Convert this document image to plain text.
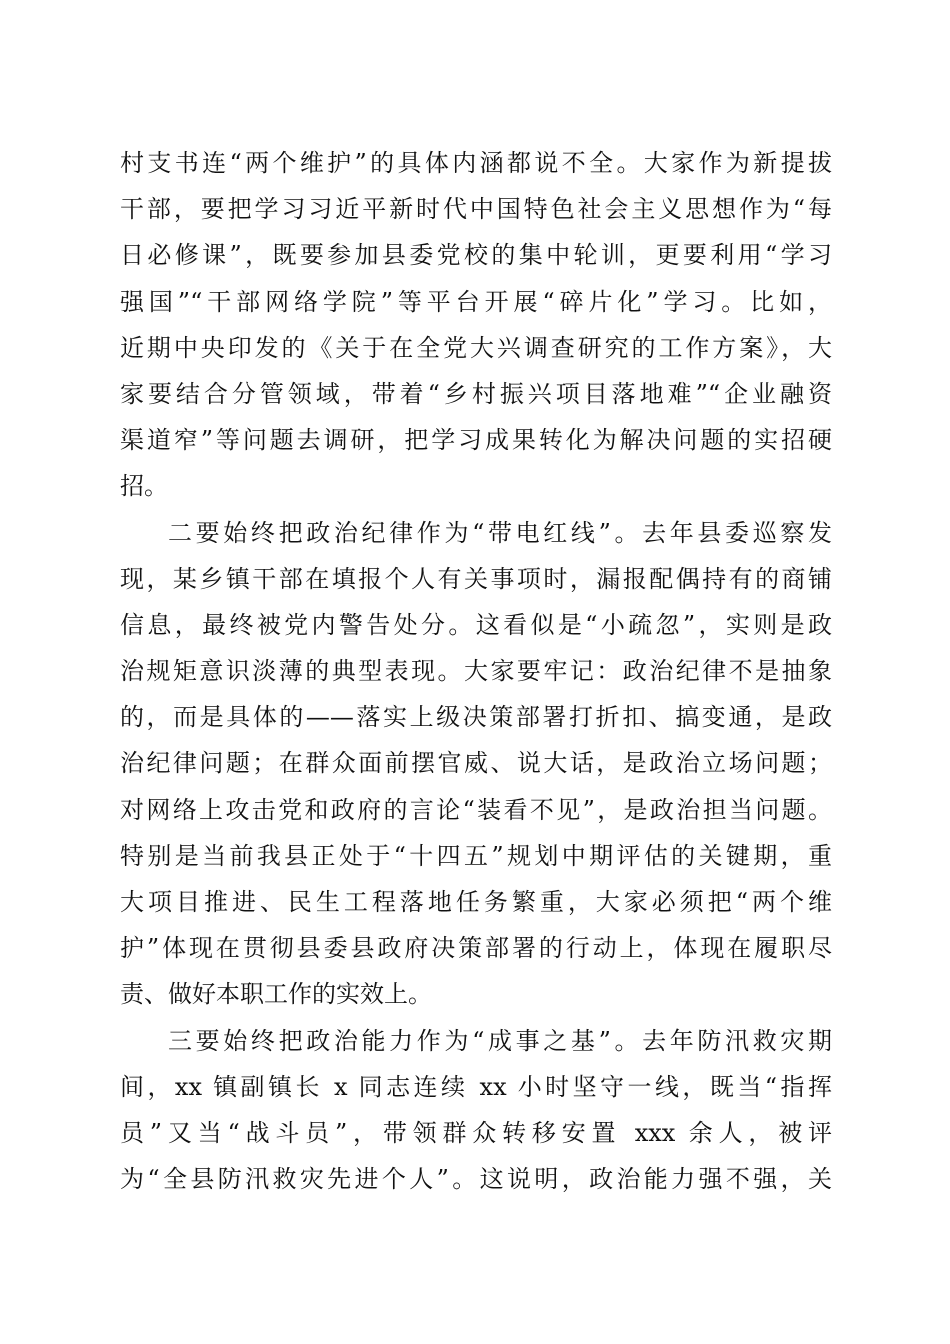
村支书连“两个维护”的具体内涵都说不全。大家作为新提拔
干部，要把学习习近平新时代中国特色社会主义思想作为“每
日必修课”，既要参加县委党校的集中轮训，更要利用“学习
强国”“干部网络学院”等平台开展“碎片化”学习。比如，
近期中央印发的《关于在全党大兴调查研究的工作方案》，大
家要结合分管领域，带着“乡村振兴项目落地难”“企业融资
渠道窄”等问题去调研，把学习成果转化为解决问题的实招硬
招。
二要始终把政治纪律作为“带电红线”。去年县委巡察发
现，某乡镇干部在填报个人有关事项时，漏报配偶持有的商铺
信息，最终被党内警告处分。这看似是“小疏忽”，实则是政
治规矩意识淡薄的典型表现。大家要牢记：政治纪律不是抽象
的，而是具体的——落实上级决策部署打折扣、搞变通，是政
治纪律问题；在群众面前摆官威、说大话，是政治立场问题；
对网络上攻击党和政府的言论“装看不见”，是政治担当问题。
特别是当前我县正处于“十四五”规划中期评估的关键期，重
大项目推进、民生工程落地任务繁重，大家必须把“两个维
护”体现在贯彻县委县政府决策部署的行动上，体现在履职尽
责、做好本职工作的实效上。
三要始终把政治能力作为“成事之基”。去年防汛救灾期
间，xx 镇副镇长 x 同志连续 xx 小时坚守一线，既当“指挥
员”又当“战斗员”，带领群众转移安置 xxx 余人，被评
为“全县防汛救灾先进个人”。这说明，政治能力强不强，关
